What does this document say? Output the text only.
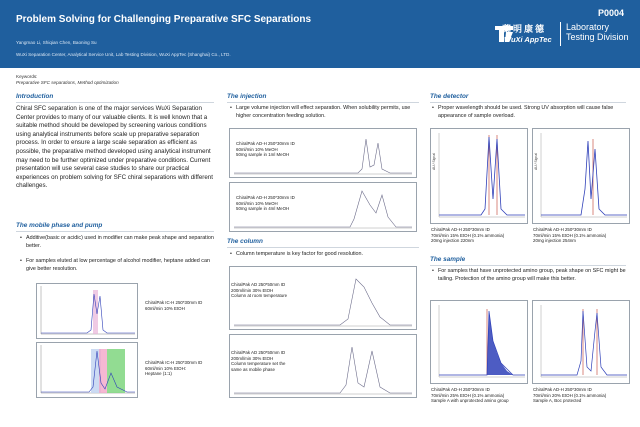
Problem Solving for Challenging Preparative SFC Separations
Yangmao Li, Shiqian Chen, Baoning Su
WuXi Separation Center, Analytical Service Unit, Lab Testing Division, WuXi AppTec (Shanghai) Co., LTD.
P0004
藥明康德
WuXi AppTec
Laboratory
Testing Division
Keywords:
Preparative SFC separations, Method optimization
Introduction
Chiral SFC separation is one of the major services WuXi Separation Center provides to many of our valuable clients. It is well known that a suitable method should be developed by screening various conditions using analytical instruments before scale up preparative separation process. In order to ensure a large scale separation as efficient as possible, the preparative method developed using analytical instrument may need to be further optimized under preparative conditions. Current presentation will use several case studies to share our practical experiences on problem solving for SFC chiral separations with different challenges.
The mobile phase and pump
• Additive(basic or acidic) used in modifier can make peak shape and separation better.
• For samples eluted at low percentage of alcohol modifier, heptane added can give better resolution.
ChiralPak IC-H 250*30mm ID
60ml/min 10% EtOH
ChiralPak IC-H 250*30mm ID
60ml/min 10% EtOH:
Heptane (1:1)
The injection
• Large volume injection will effect separation. When solubility permits, use higher concentration feeding solution.
ChiralPak AD-H 250*30mm ID
60ml/min 10% MeOH
50mg sample in 1ml MeOH
ChiralPak AD-H 250*30mm ID
60ml/min 10% MeOH
50mg sample in 4ml MeOH
The column
• Column temperature is key factor for good resolution.
ChiralPak AD 250*50mm ID
200ml/min 30% EtOH
Column at room temperature
ChiralPak AD 250*50mm ID
200ml/min 30% EtOH
Column temperature set the
same as mobile phase
The detector
• Proper wavelength should be used. Strong UV absorption will cause false appearance of sample overload.
AU / Signal
ChiralPak AD-H 250*30mm ID
70ml/min 15% EtOH (0.1% ammonia)
20mg injection 220nm
AU / Signal
ChiralPak AD-H 250*30mm ID
70ml/min 15% EtOH (0.1% ammonia)
20mg injection 254nm
The sample
• For samples that have unprotected amino group, peak shape on SFC might be tailing. Protection of the amino group will make this better.
ChiralPak AD-H 250*30mm ID
70ml/min 25% EtOH (0.1% ammonia)
Sample A with unprotected amino group
ChiralPak AD-H 250*30mm ID
70ml/min 20% EtOH (0.1% ammonia)
Sample A, Boc protected
